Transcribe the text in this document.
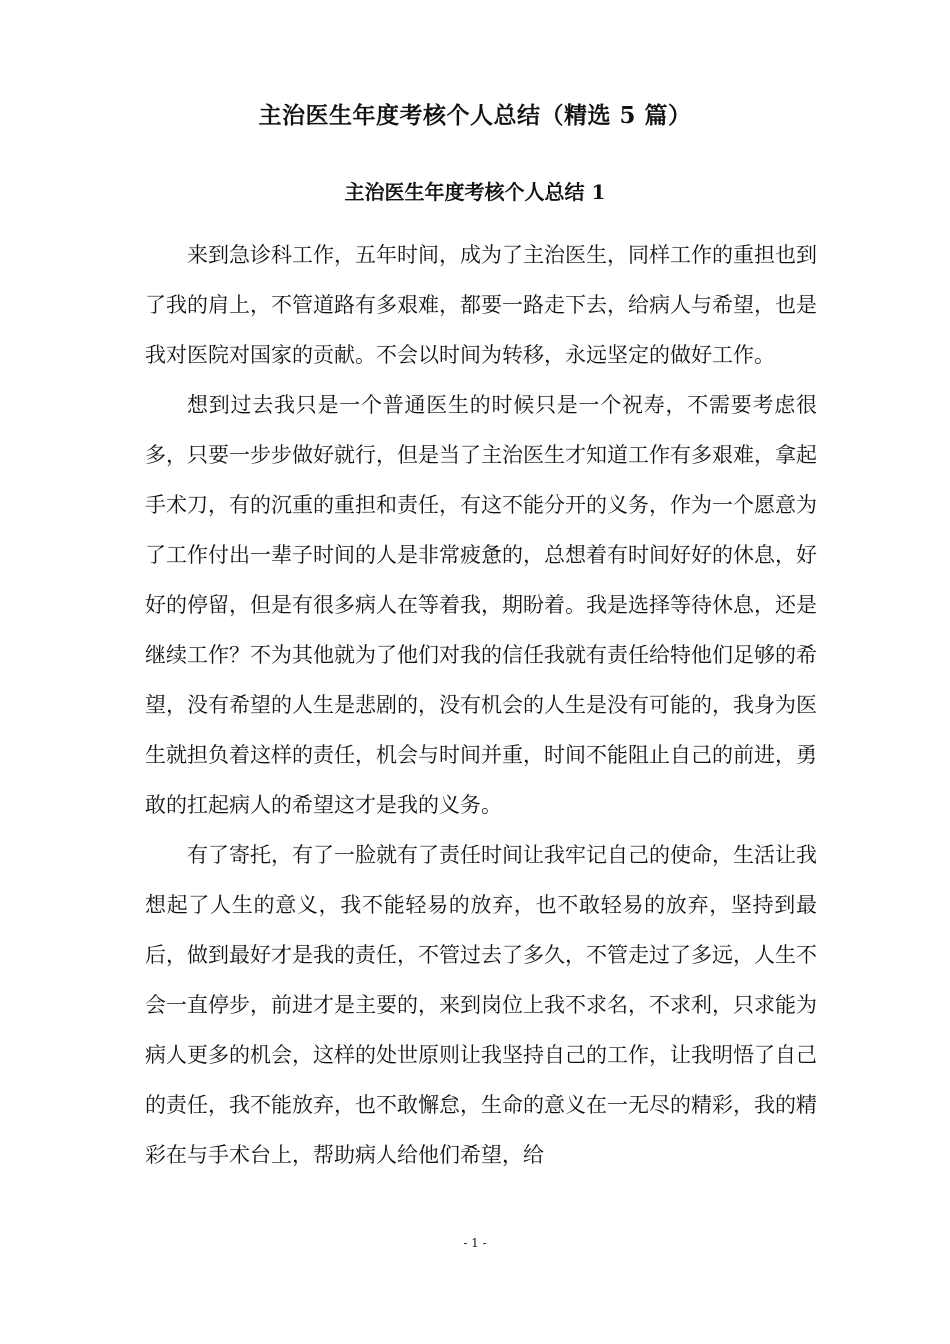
主治医生年度考核个人总结（精选 5 篇）
主治医生年度考核个人总结 1

来到急诊科工作，五年时间，成为了主治医生，同样工作的重担也到了我的肩上，不管道路有多艰难，都要一路走下去，给病人与希望，也是我对医院对国家的贡献。不会以时间为转移，永远坚定的做好工作。

想到过去我只是一个普通医生的时候只是一个祝寿，不需要考虑很多，只要一步步做好就行，但是当了主治医生才知道工作有多艰难，拿起手术刀，有的沉重的重担和责任，有这不能分开的义务，作为一个愿意为了工作付出一辈子时间的人是非常疲惫的，总想着有时间好好的休息，好好的停留，但是有很多病人在等着我，期盼着。我是选择等待休息，还是继续工作？不为其他就为了他们对我的信任我就有责任给特他们足够的希望，没有希望的人生是悲剧的，没有机会的人生是没有可能的，我身为医生就担负着这样的责任，机会与时间并重，时间不能阻止自己的前进，勇敢的扛起病人的希望这才是我的义务。

有了寄托，有了一脸就有了责任时间让我牢记自己的使命，生活让我想起了人生的意义，我不能轻易的放弃，也不敢轻易的放弃，坚持到最后，做到最好才是我的责任，不管过去了多久，不管走过了多远，人生不会一直停步，前进才是主要的，来到岗位上我不求名，不求利，只求能为病人更多的机会，这样的处世原则让我坚持自己的工作，让我明悟了自己的责任，我不能放弃，也不敢懈怠，生命的意义在一无尽的精彩，我的精彩在与手术台上，帮助病人给他们希望，给

- 1 -
